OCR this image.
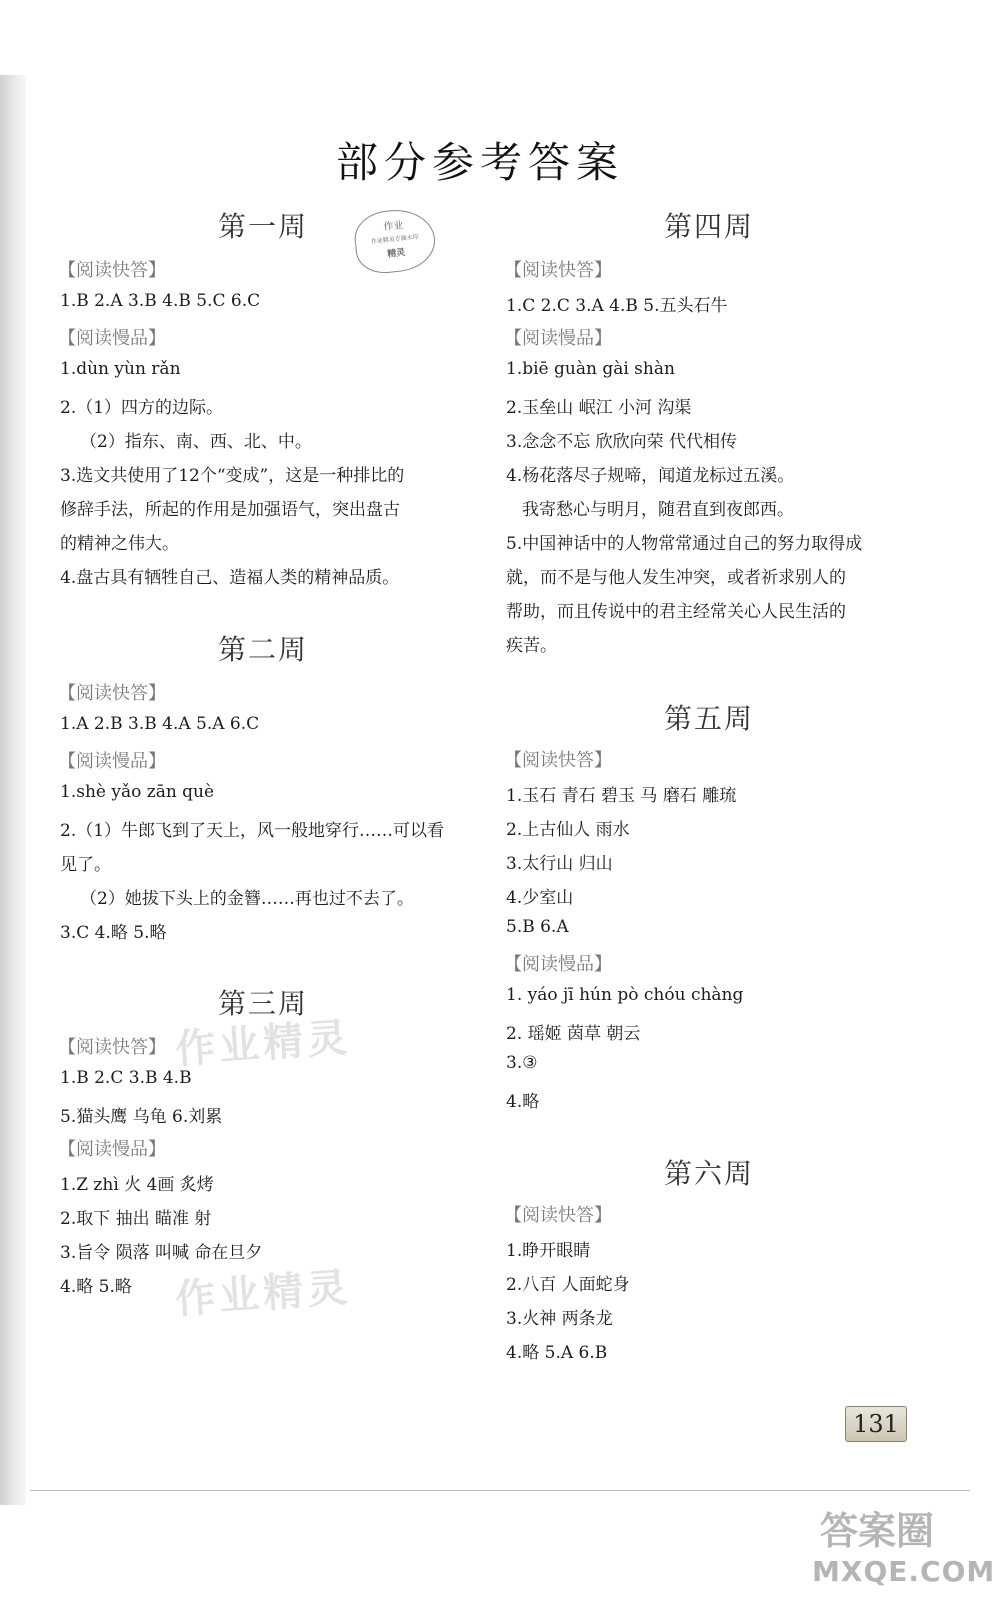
部分参考答案
作业
作业精灵专属水印
精灵
第一周
【阅读快答】
1.B 2.A 3.B 4.B 5.C 6.C
【阅读慢品】
1.dùn yùn rǎn
2.（1）四方的边际。
（2）指东、南、西、北、中。
3.选文共使用了12个“变成”，这是一种排比的
修辞手法，所起的作用是加强语气，突出盘古
的精神之伟大。
4.盘古具有牺牲自己、造福人类的精神品质。
第二周
【阅读快答】
1.A 2.B 3.B 4.A 5.A 6.C
【阅读慢品】
1.shè yǎo zān què
2.（1）牛郎飞到了天上，风一般地穿行……可以看
见了。
（2）她拔下头上的金簪……再也过不去了。
3.C 4.略 5.略
第三周
【阅读快答】
1.B 2.C 3.B 4.B
5.猫头鹰 乌龟 6.刘累
【阅读慢品】
1.Z zhì 火 4画 炙烤
2.取下 抽出 瞄准 射
3.旨令 陨落 叫喊 命在旦夕
4.略 5.略
作业精灵
作业精灵
第四周
【阅读快答】
1.C 2.C 3.A 4.B 5.五头石牛
【阅读慢品】
1.biē guàn gài shàn
2.玉垒山 岷江 小河 沟渠
3.念念不忘 欣欣向荣 代代相传
4.杨花落尽子规啼，闻道龙标过五溪。
我寄愁心与明月，随君直到夜郎西。
5.中国神话中的人物常常通过自己的努力取得成
就，而不是与他人发生冲突，或者祈求别人的
帮助，而且传说中的君主经常关心人民生活的
疾苦。
第五周
【阅读快答】
1.玉石 青石 碧玉 马 磨石 雕琉
2.上古仙人 雨水
3.太行山 归山
4.少室山
5.B 6.A
【阅读慢品】
1. yáo jī hún pò chóu chàng
2. 瑶姬 茵草 朝云
3.③
4.略
第六周
【阅读快答】
1.睁开眼睛
2.八百 人面蛇身
3.火神 两条龙
4.略 5.A 6.B
131
答案圈
MXQE.COM
